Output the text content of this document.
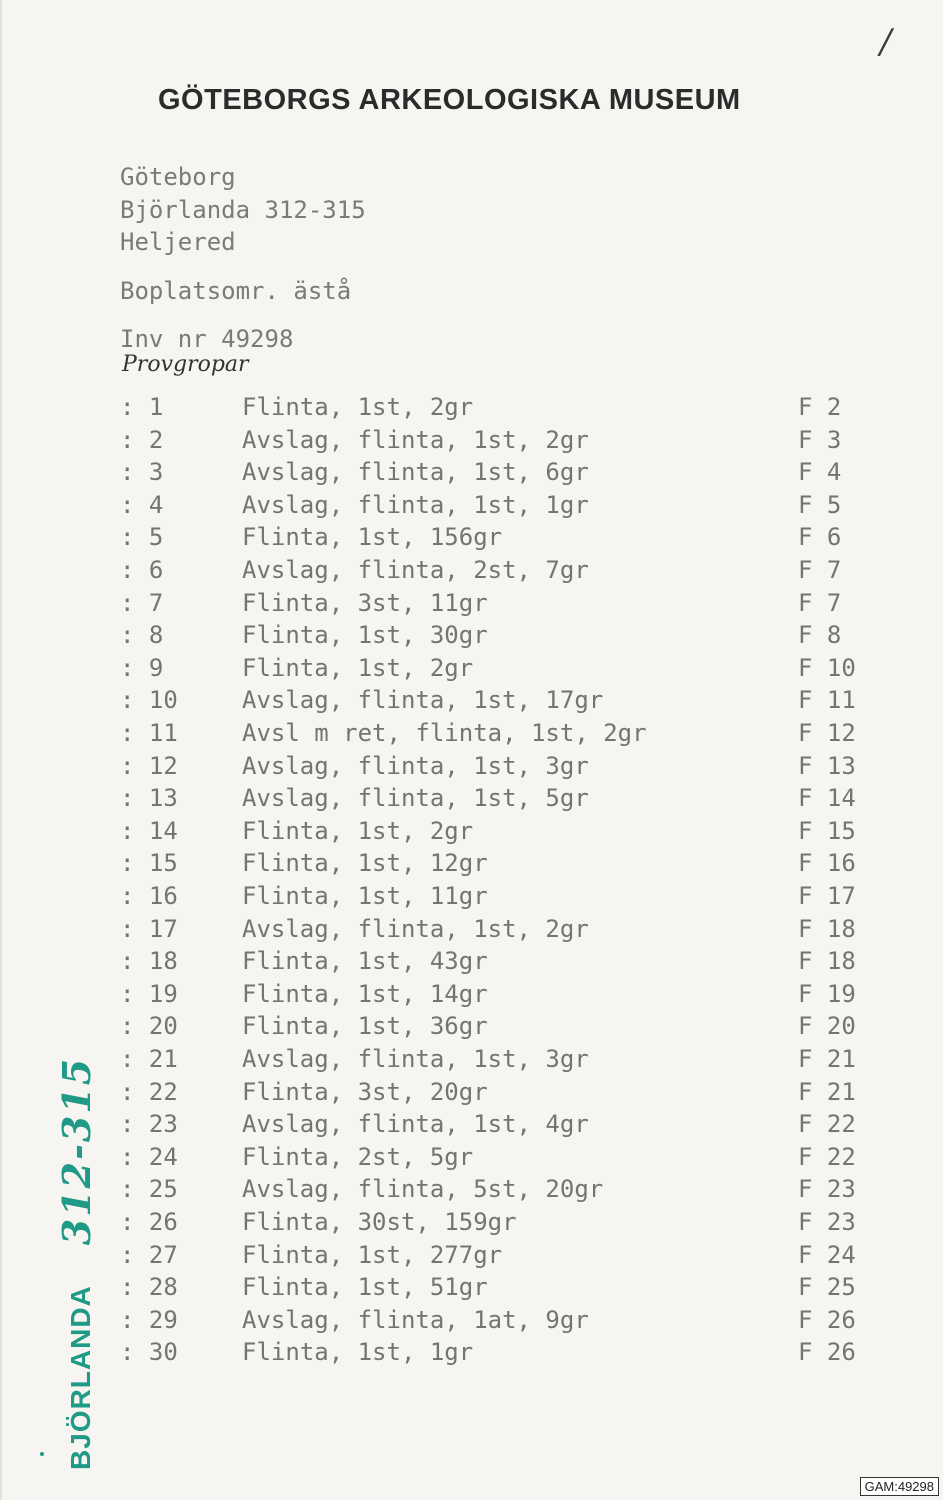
/
GÖTEBORGS ARKEOLOGISKA MUSEUM
Göteborg
Björlanda 312-315
Heljered
Boplatsomr. ästå
Inv nr 49298
Provgropar
: 1	Flinta, 1st, 2gr	F 2
: 2	Avslag, flinta, 1st, 2gr	F 3
: 3	Avslag, flinta, 1st, 6gr	F 4
: 4	Avslag, flinta, 1st, 1gr	F 5
: 5	Flinta, 1st, 156gr	F 6
: 6	Avslag, flinta, 2st, 7gr	F 7
: 7	Flinta, 3st, 11gr	F 7
: 8	Flinta, 1st, 30gr	F 8
: 9	Flinta, 1st, 2gr	F 10
: 10	Avslag, flinta, 1st, 17gr	F 11
: 11	Avsl m ret, flinta, 1st, 2gr	F 12
: 12	Avslag, flinta, 1st, 3gr	F 13
: 13	Avslag, flinta, 1st, 5gr	F 14
: 14	Flinta, 1st, 2gr	F 15
: 15	Flinta, 1st, 12gr	F 16
: 16	Flinta, 1st, 11gr	F 17
: 17	Avslag, flinta, 1st, 2gr	F 18
: 18	Flinta, 1st, 43gr	F 18
: 19	Flinta, 1st, 14gr	F 19
: 20	Flinta, 1st, 36gr	F 20
: 21	Avslag, flinta, 1st, 3gr	F 21
: 22	Flinta, 3st, 20gr	F 21
: 23	Avslag, flinta, 1st, 4gr	F 22
: 24	Flinta, 2st, 5gr	F 22
: 25	Avslag, flinta, 5st, 20gr	F 23
: 26	Flinta, 30st, 159gr	F 23
: 27	Flinta, 1st, 277gr	F 24
: 28	Flinta, 1st, 51gr	F 25
: 29	Avslag, flinta, 1at, 9gr	F 26
: 30	Flinta, 1st, 1gr	F 26
BJÖRLANDA312-315
GAM:49298
